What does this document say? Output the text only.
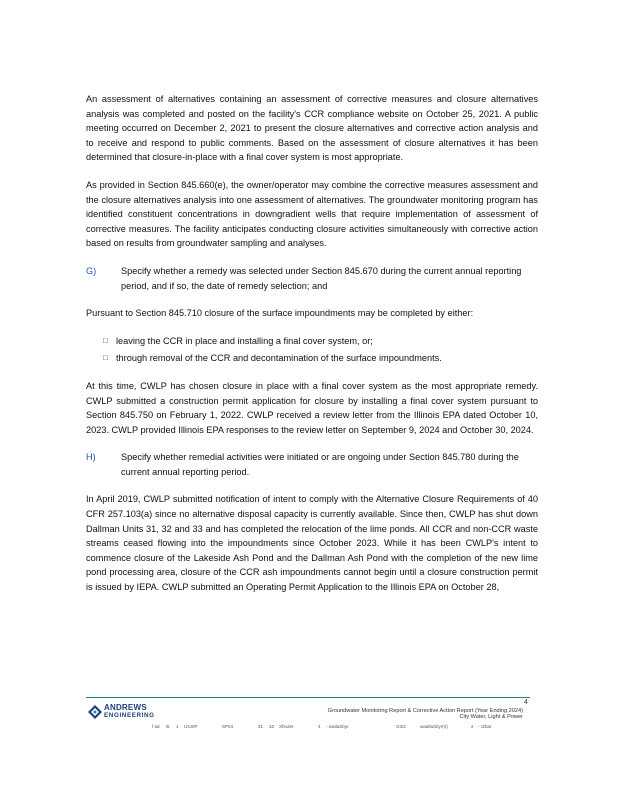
An assessment of alternatives containing an assessment of corrective measures and closure alternatives analysis was completed and posted on the facility's CCR compliance website on October 25, 2021. A public meeting occurred on December 2, 2021 to present the closure alternatives and corrective action analysis and to receive and respond to public comments. Based on the assessment of closure alternatives it has been determined that closure-in-place with a final cover system is most appropriate.

As provided in Section 845.660(e), the owner/operator may combine the corrective measures assessment and the closure alternatives analysis into one assessment of alternatives. The groundwater monitoring program has identified constituent concentrations in downgradient wells that require implementation of assessment of corrective measures. The facility anticipates conducting closure activities simultaneously with corrective action based on results from groundwater sampling and analyses.

G)	Specify whether a remedy was selected under Section 845.670 during the current annual reporting period, and if so, the date of remedy selection; and

Pursuant to Section 845.710 closure of the surface impoundments may be completed by either:

□ leaving the CCR in place and installing a final cover system, or;
□ through removal of the CCR and decontamination of the surface impoundments.

At this time, CWLP has chosen closure in place with a final cover system as the most appropriate remedy. CWLP submitted a construction permit application for closure by installing a final cover system pursuant to Section 845.750 on February 1, 2022. CWLP received a review letter from the Illinois EPA dated October 10, 2023. CWLP provided Illinois EPA responses to the review letter on September 9, 2024 and October 30, 2024.

H)	Specify whether remedial activities were initiated or are ongoing under Section 845.780 during the current annual reporting period.

In April 2019, CWLP submitted notification of intent to comply with the Alternative Closure Requirements of 40 CFR 257.103(a) since no alternative disposal capacity is currently available. Since then, CWLP has shut down Dallman Units 31, 32 and 33 and has completed the relocation of the lime ponds. All CCR and non-CCR waste streams ceased flowing into the impoundments since October 2023. While it has been CWLP's intent to commence closure of the Lakeside Ash Pond and the Dallman Ash Pond with the completion of the new lime pond processing area, closure of the CCR ash impoundments cannot begin until a closure construction permit is issued by IEPA. CWLP submitted an Operating Permit Application to the Illinois EPA on October 28,

4
ANDREWS
ENGINEERING
Groundwater Monitoring Report & Corrective Action Report (Year Ending 2024)
City Water, Light & Power
f ad i5 1 U4J0P	SP04	31 3Z Xhrulet	4 - wаtlaSbyr	G3/2	waаtlaSbyr(0)	2 - rZbar
